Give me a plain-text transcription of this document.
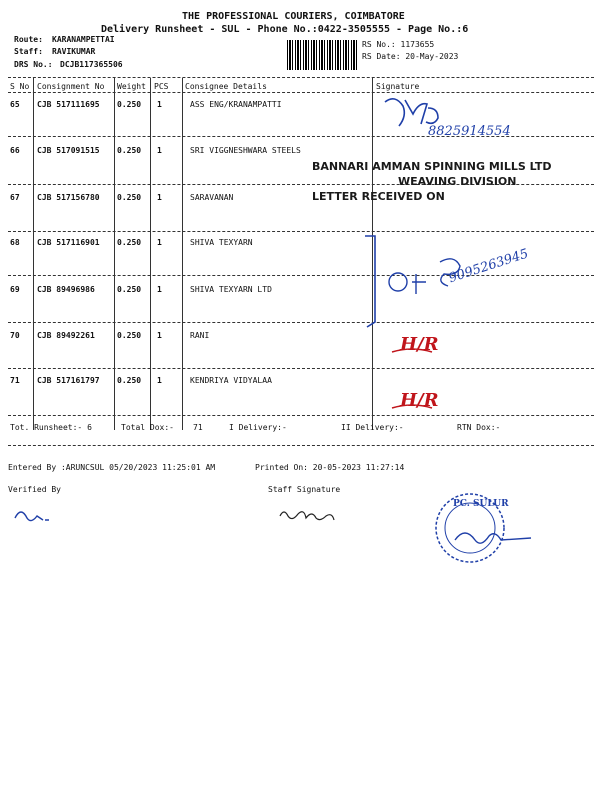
THE PROFESSIONAL COURIERS, COIMBATORE
Delivery Runsheet - SUL - Phone No.:0422-3505555 - Page No.:6
Route: KARANAMPETTAI
Staff: RAVIKUMAR
DRS No.: DCJB117365506
RS No.: 1173655
RS Date: 20-May-2023
S No Consignment No Weight PCS Consignee Details	Signature
65 CJB 517111695 0.250 1	ASS ENG/KRANAMPATTI
66 CJB 517091515 0.250 1	SRI VIGGNESHWARA STEELS
67 CJB 517156780 0.250 1	SARAVANAN
68 CJB 517116901 0.250 1	SHIVA TEXYARN
69 CJB 89496986	0.250 1	SHIVA TEXYARN LTD
70 CJB 89492261	0.250 1	RANI
71 CJB 517161797 0.250 1	KENDRIYA VIDYALAA
Tot. Runsheet:- 6	Total Dox:- 71	I Delivery:-	II Delivery:-	RTN Dox:-
Entered By :ARUNCSUL 05/20/2023 11:25:01 AM	Printed On: 20-05-2023 11:27:14
Verified By	Staff Signature
8825914554
BANNARI AMMAN SPINNING MILLS LTD
WEAVING DIVISION
LETTER RECEIVED ON
9095263945
H/R
H/R
PC. SULUR
